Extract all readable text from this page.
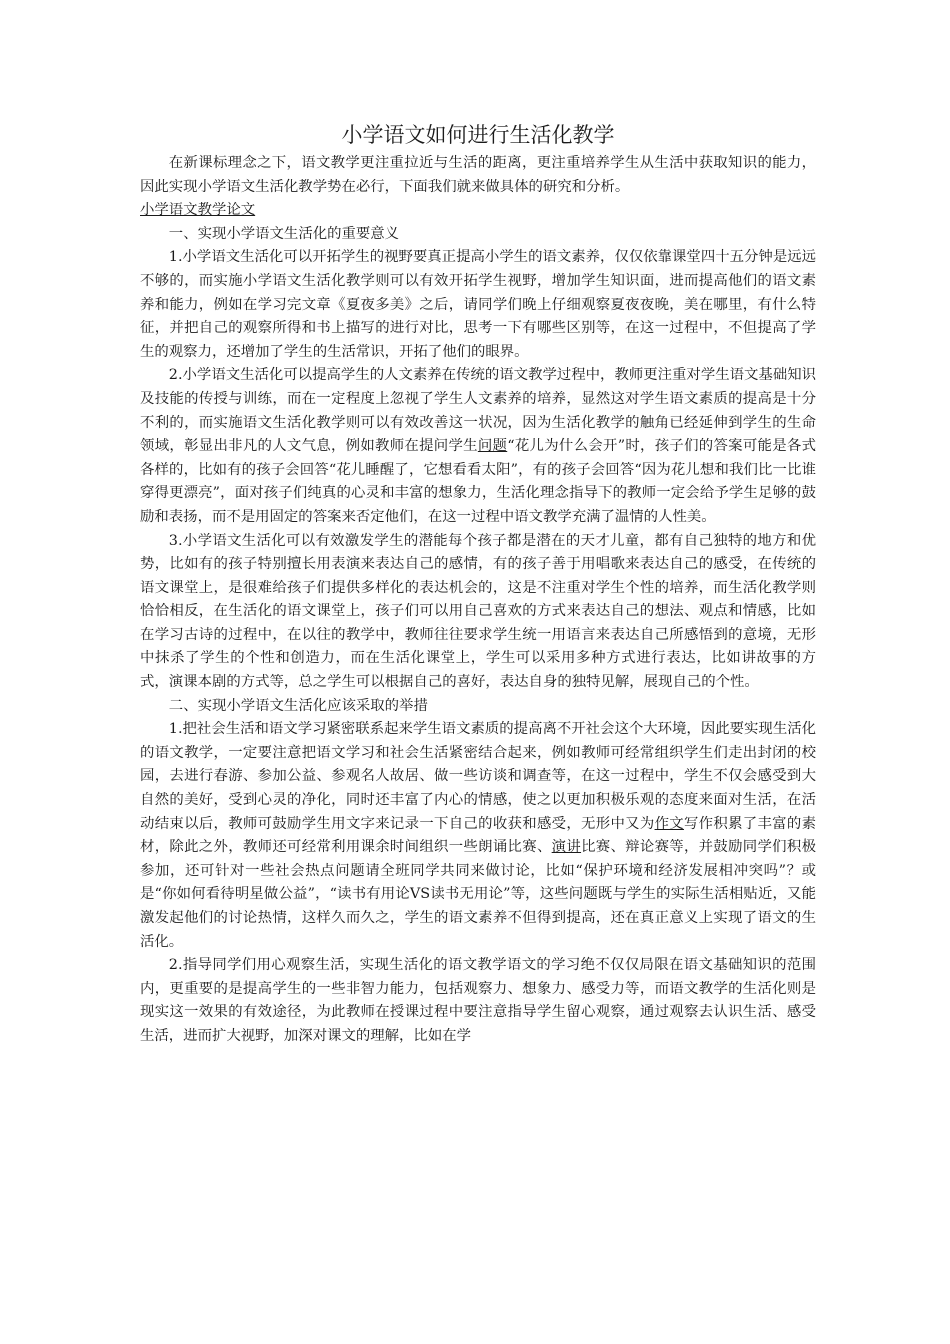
小学语文如何进行生活化教学

在新课标理念之下，语文教学更注重拉近与生活的距离，更注重培养学生从生活中获取知识的能力，因此实现小学语文生活化教学势在必行，下面我们就来做具体的研究和分析。

小学语文教学论文

一、实现小学语文生活化的重要意义

1.小学语文生活化可以开拓学生的视野要真正提高小学生的语文素养，仅仅依靠课堂四十五分钟是远远不够的，而实施小学语文生活化教学则可以有效开拓学生视野，增加学生知识面，进而提高他们的语文素养和能力，例如在学习完文章《夏夜多美》之后，请同学们晚上仔细观察夏夜夜晚，美在哪里，有什么特征，并把自己的观察所得和书上描写的进行对比，思考一下有哪些区别等，在这一过程中，不但提高了学生的观察力，还增加了学生的生活常识，开拓了他们的眼界。

2.小学语文生活化可以提高学生的人文素养在传统的语文教学过程中，教师更注重对学生语文基础知识及技能的传授与训练，而在一定程度上忽视了学生人文素养的培养，显然这对学生语文素质的提高是十分不利的，而实施语文生活化教学则可以有效改善这一状况，因为生活化教学的触角已经延伸到学生的生命领域，彰显出非凡的人文气息，例如教师在提问学生问题“花儿为什么会开”时，孩子们的答案可能是各式各样的，比如有的孩子会回答“花儿睡醒了，它想看看太阳”，有的孩子会回答“因为花儿想和我们比一比谁穿得更漂亮”，面对孩子们纯真的心灵和丰富的想象力，生活化理念指导下的教师一定会给予学生足够的鼓励和表扬，而不是用固定的答案来否定他们，在这一过程中语文教学充满了温情的人性美。

3.小学语文生活化可以有效激发学生的潜能每个孩子都是潜在的天才儿童，都有自己独特的地方和优势，比如有的孩子特别擅长用表演来表达自己的感情，有的孩子善于用唱歌来表达自己的感受，在传统的语文课堂上，是很难给孩子们提供多样化的表达机会的，这是不注重对学生个性的培养，而生活化教学则恰恰相反，在生活化的语文课堂上，孩子们可以用自己喜欢的方式来表达自己的想法、观点和情感，比如在学习古诗的过程中，在以往的教学中，教师往往要求学生统一用语言来表达自己所感悟到的意境，无形中抹杀了学生的个性和创造力，而在生活化课堂上，学生可以采用多种方式进行表达，比如讲故事的方式，演课本剧的方式等，总之学生可以根据自己的喜好，表达自身的独特见解，展现自己的个性。

二、实现小学语文生活化应该采取的举措

1.把社会生活和语文学习紧密联系起来学生语文素质的提高离不开社会这个大环境，因此要实现生活化的语文教学，一定要注意把语文学习和社会生活紧密结合起来，例如教师可经常组织学生们走出封闭的校园，去进行春游、参加公益、参观名人故居、做一些访谈和调查等，在这一过程中，学生不仅会感受到大自然的美好，受到心灵的净化，同时还丰富了内心的情感，使之以更加积极乐观的态度来面对生活，在活动结束以后，教师可鼓励学生用文字来记录一下自己的收获和感受，无形中又为作文写作积累了丰富的素材，除此之外，教师还可经常利用课余时间组织一些朗诵比赛、演讲比赛、辩论赛等，并鼓励同学们积极参加，还可针对一些社会热点问题请全班同学共同来做讨论，比如“保护环境和经济发展相冲突吗”？或是“你如何看待明星做公益”，“读书有用论VS读书无用论”等，这些问题既与学生的实际生活相贴近，又能激发起他们的讨论热情，这样久而久之，学生的语文素养不但得到提高，还在真正意义上实现了语文的生活化。

2.指导同学们用心观察生活，实现生活化的语文教学语文的学习绝不仅仅局限在语文基础知识的范围内，更重要的是提高学生的一些非智力能力，包括观察力、想象力、感受力等，而语文教学的生活化则是现实这一效果的有效途径，为此教师在授课过程中要注意指导学生留心观察，通过观察去认识生活、感受生活，进而扩大视野，加深对课文的理解，比如在学
